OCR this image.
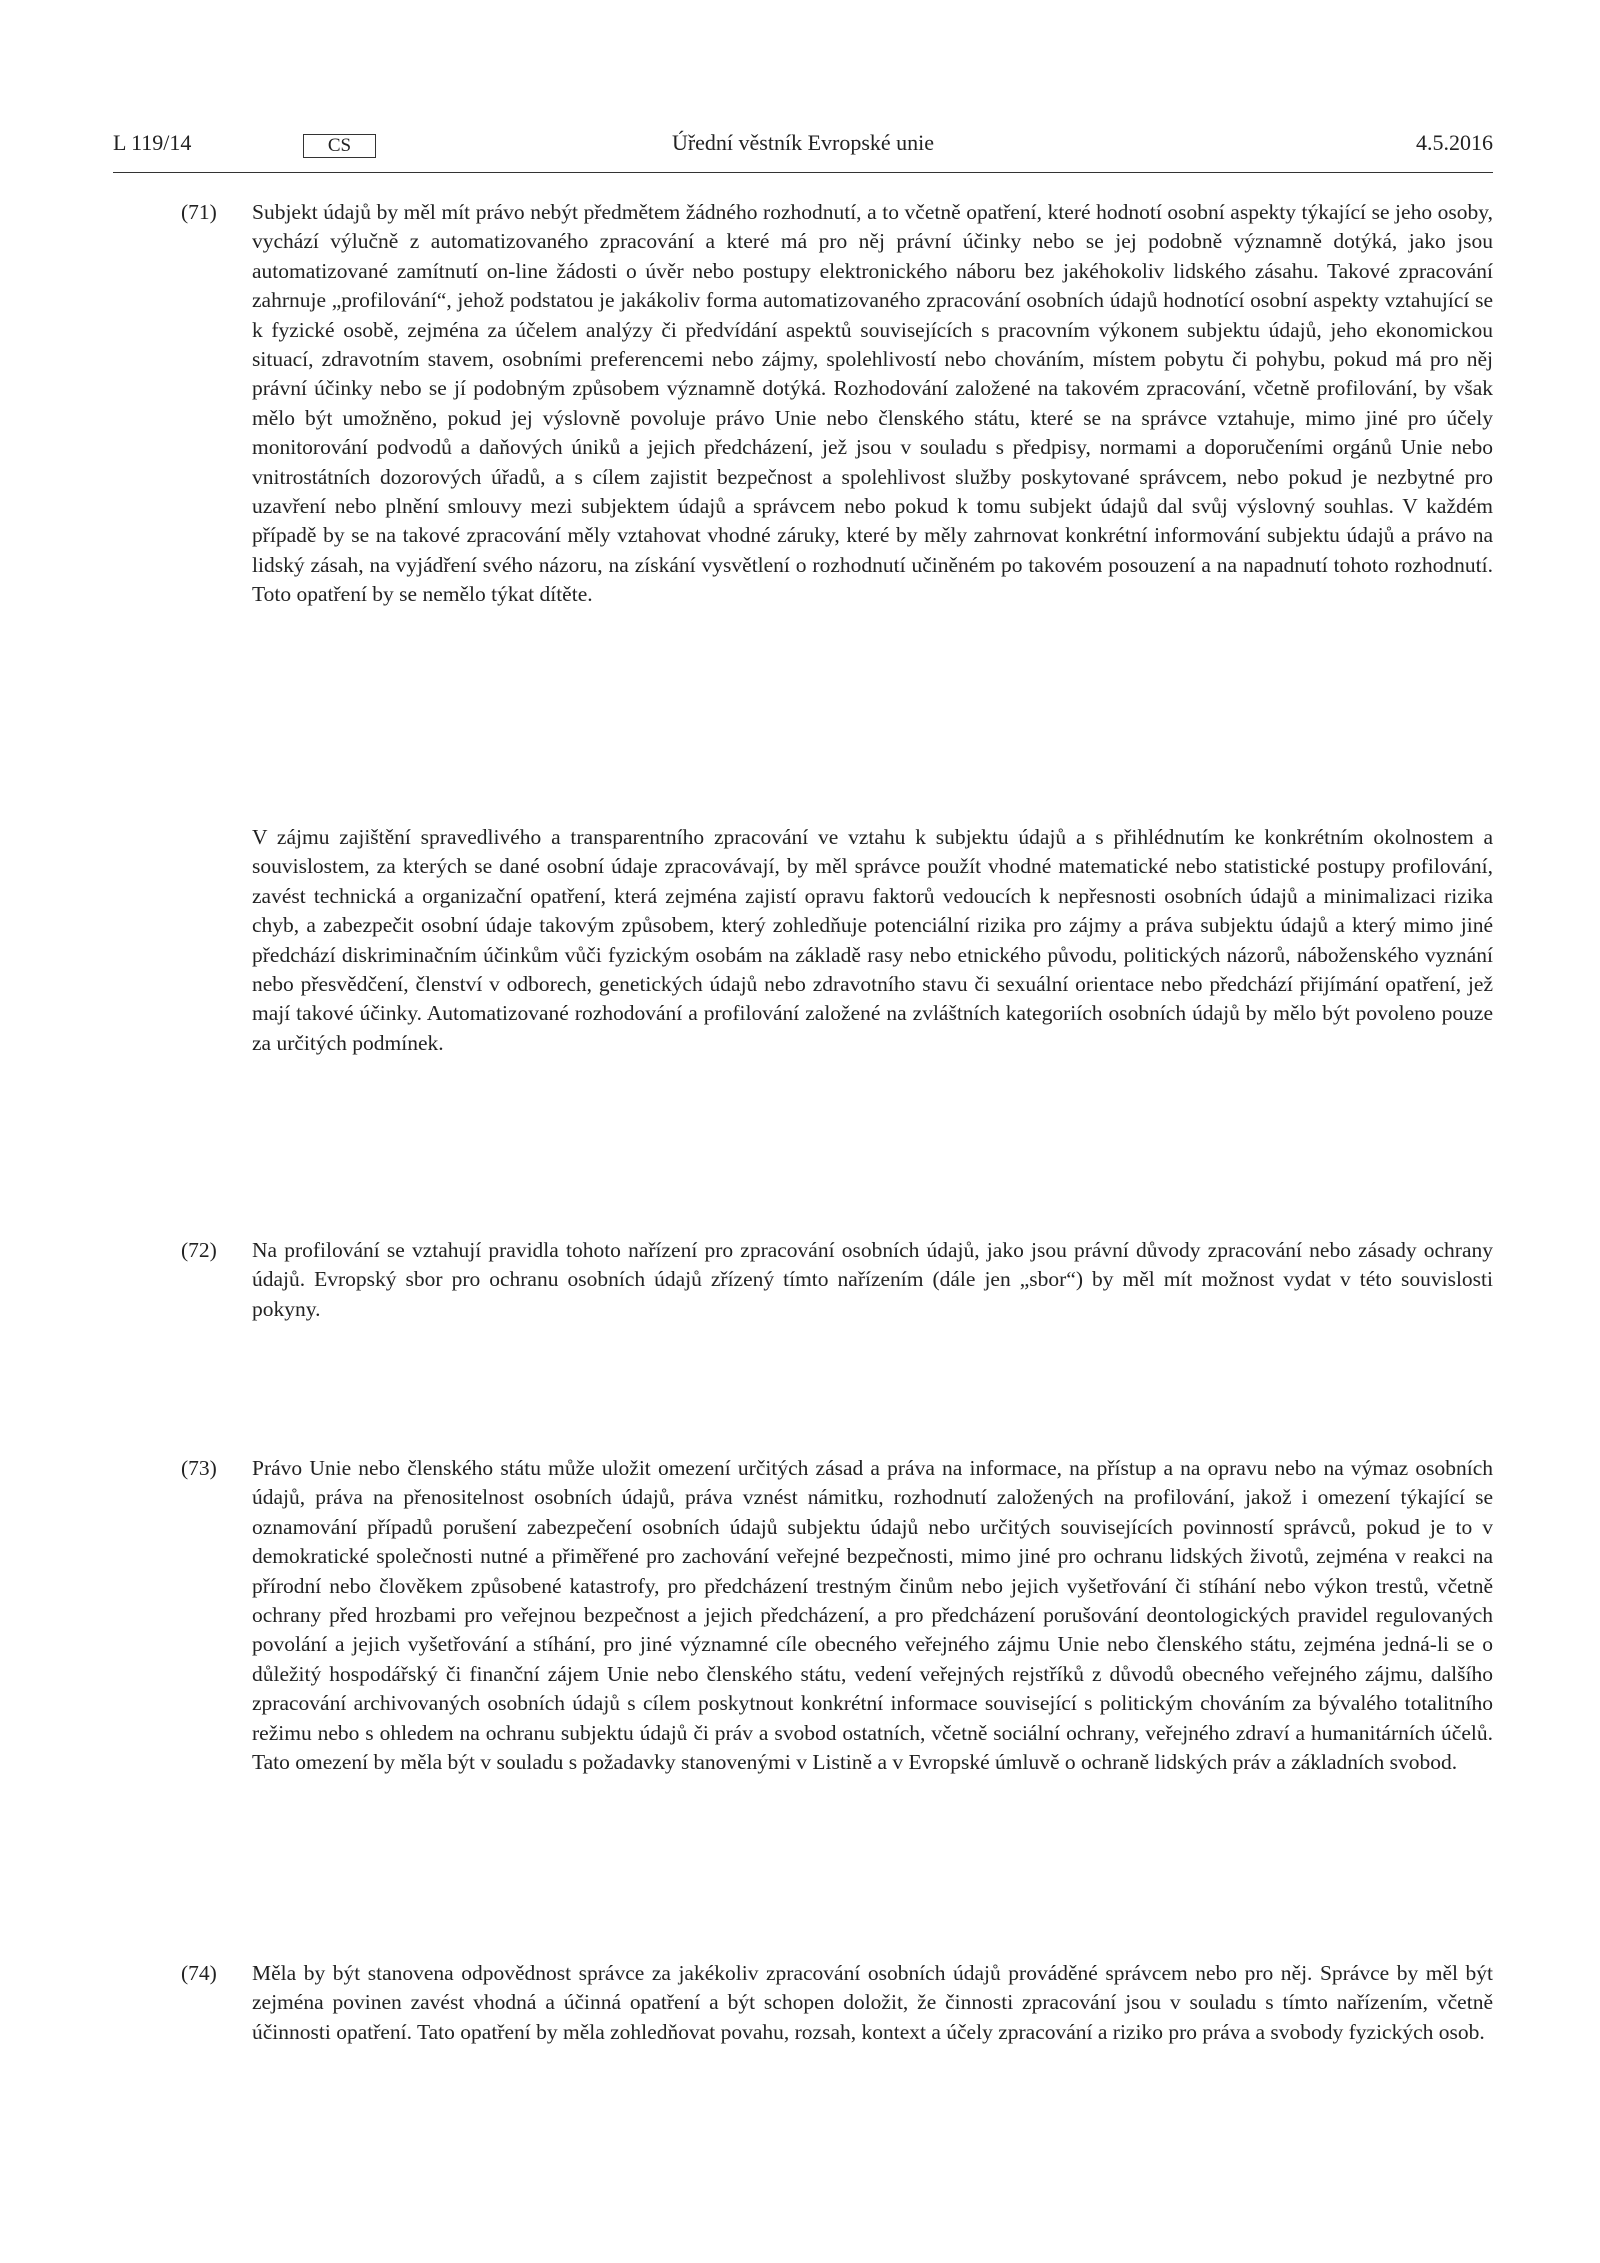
L 119/14	CS	Úřední věstník Evropské unie	4.5.2016
(71) Subjekt údajů by měl mít právo nebýt předmětem žádného rozhodnutí, a to včetně opatření, které hodnotí osobní aspekty týkající se jeho osoby, vychází výlučně z automatizovaného zpracování a které má pro něj právní účinky nebo se jej podobně významně dotýká, jako jsou automatizované zamítnutí on-line žádosti o úvěr nebo postupy elektronického náboru bez jakéhokoliv lidského zásahu. Takové zpracování zahrnuje „profilování“, jehož podstatou je jakákoliv forma automatizovaného zpracování osobních údajů hodnotící osobní aspekty vztahující se k fyzické osobě, zejména za účelem analýzy či předvídání aspektů souvisejících s pracovním výkonem subjektu údajů, jeho ekonomickou situací, zdravotním stavem, osobními preferencemi nebo zájmy, spolehlivostí nebo chováním, místem pobytu či pohybu, pokud má pro něj právní účinky nebo se jí podobným způsobem významně dotýká. Rozhodování založené na takovém zpracování, včetně profilování, by však mělo být umožněno, pokud jej výslovně povoluje právo Unie nebo členského státu, které se na správce vztahuje, mimo jiné pro účely monitorování podvodů a daňových úniků a jejich předcházení, jež jsou v souladu s předpisy, normami a doporučeními orgánů Unie nebo vnitrostátních dozorových úřadů, a s cílem zajistit bezpečnost a spolehlivost služby poskytované správcem, nebo pokud je nezbytné pro uzavření nebo plnění smlouvy mezi subjektem údajů a správcem nebo pokud k tomu subjekt údajů dal svůj výslovný souhlas. V každém případě by se na takové zpracování měly vztahovat vhodné záruky, které by měly zahrnovat konkrétní informování subjektu údajů a právo na lidský zásah, na vyjádření svého názoru, na získání vysvětlení o rozhodnutí učiněném po takovém posouzení a na napadnutí tohoto rozhodnutí. Toto opatření by se nemělo týkat dítěte.

V zájmu zajištění spravedlivého a transparentního zpracování ve vztahu k subjektu údajů a s přihlédnutím ke konkrétním okolnostem a souvislostem, za kterých se dané osobní údaje zpracovávají, by měl správce použít vhodné matematické nebo statistické postupy profilování, zavést technická a organizační opatření, která zejména zajistí opravu faktorů vedoucích k nepřesnosti osobních údajů a minimalizaci rizika chyb, a zabezpečit osobní údaje takovým způsobem, který zohledňuje potenciální rizika pro zájmy a práva subjektu údajů a který mimo jiné předchází diskriminačním účinkům vůči fyzickým osobám na základě rasy nebo etnického původu, politických názorů, náboženského vyznání nebo přesvědčení, členství v odborech, genetických údajů nebo zdravotního stavu či sexuální orientace nebo předchází přijímání opatření, jež mají takové účinky. Automatizované rozhodování a profilování založené na zvláštních kategoriích osobních údajů by mělo být povoleno pouze za určitých podmínek.

(72) Na profilování se vztahují pravidla tohoto nařízení pro zpracování osobních údajů, jako jsou právní důvody zpracování nebo zásady ochrany údajů. Evropský sbor pro ochranu osobních údajů zřízený tímto nařízením (dále jen „sbor“) by měl mít možnost vydat v této souvislosti pokyny.

(73) Právo Unie nebo členského státu může uložit omezení určitých zásad a práva na informace, na přístup a na opravu nebo na výmaz osobních údajů, práva na přenositelnost osobních údajů, práva vznést námitku, rozhodnutí založených na profilování, jakož i omezení týkající se oznamování případů porušení zabezpečení osobních údajů subjektu údajů nebo určitých souvisejících povinností správců, pokud je to v demokratické společnosti nutné a přiměřené pro zachování veřejné bezpečnosti, mimo jiné pro ochranu lidských životů, zejména v reakci na přírodní nebo člověkem způsobené katastrofy, pro předcházení trestným činům nebo jejich vyšetřování či stíhání nebo výkon trestů, včetně ochrany před hrozbami pro veřejnou bezpečnost a jejich předcházení, a pro předcházení porušování deontologických pravidel regulovaných povolání a jejich vyšetřování a stíhání, pro jiné významné cíle obecného veřejného zájmu Unie nebo členského státu, zejména jedná-li se o důležitý hospodářský či finanční zájem Unie nebo členského státu, vedení veřejných rejstříků z důvodů obecného veřejného zájmu, dalšího zpracování archivovaných osobních údajů s cílem poskytnout konkrétní informace související s politickým chováním za bývalého totalitního režimu nebo s ohledem na ochranu subjektu údajů či práv a svobod ostatních, včetně sociální ochrany, veřejného zdraví a humanitárních účelů. Tato omezení by měla být v souladu s požadavky stanovenými v Listině a v Evropské úmluvě o ochraně lidských práv a základních svobod.

(74) Měla by být stanovena odpovědnost správce za jakékoliv zpracování osobních údajů prováděné správcem nebo pro něj. Správce by měl být zejména povinen zavést vhodná a účinná opatření a být schopen doložit, že činnosti zpracování jsou v souladu s tímto nařízením, včetně účinnosti opatření. Tato opatření by měla zohledňovat povahu, rozsah, kontext a účely zpracování a riziko pro práva a svobody fyzických osob.
